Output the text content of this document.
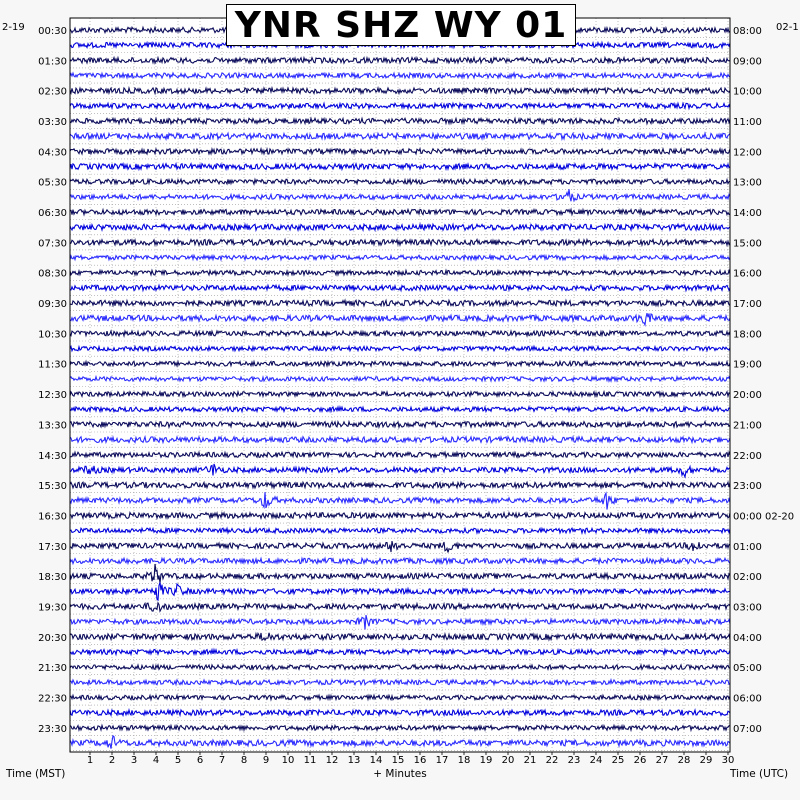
00:30
01:30
02:30
03:30
04:30
05:30
06:30
07:30
08:30
09:30
10:30
11:30
12:30
13:30
14:30
15:30
16:30
17:30
18:30
19:30
20:30
21:30
22:30
23:30
08:00
09:00
10:00
11:00
12:00
13:00
14:00
15:00
16:00
17:00
18:00
19:00
20:00
21:00
22:00
23:00
00:00 02-20
01:00
02:00
03:00
04:00
05:00
06:00
07:00
1 2 3 4 5 6 7 8 9 10 11 12 13 14 15 16 17 18 19 20 21 22 23 24 25 26 27 28 29 30
Time (MST)	+ Minutes	Time (UTC)
YNR SHZ WY 01
2-19	02-1
